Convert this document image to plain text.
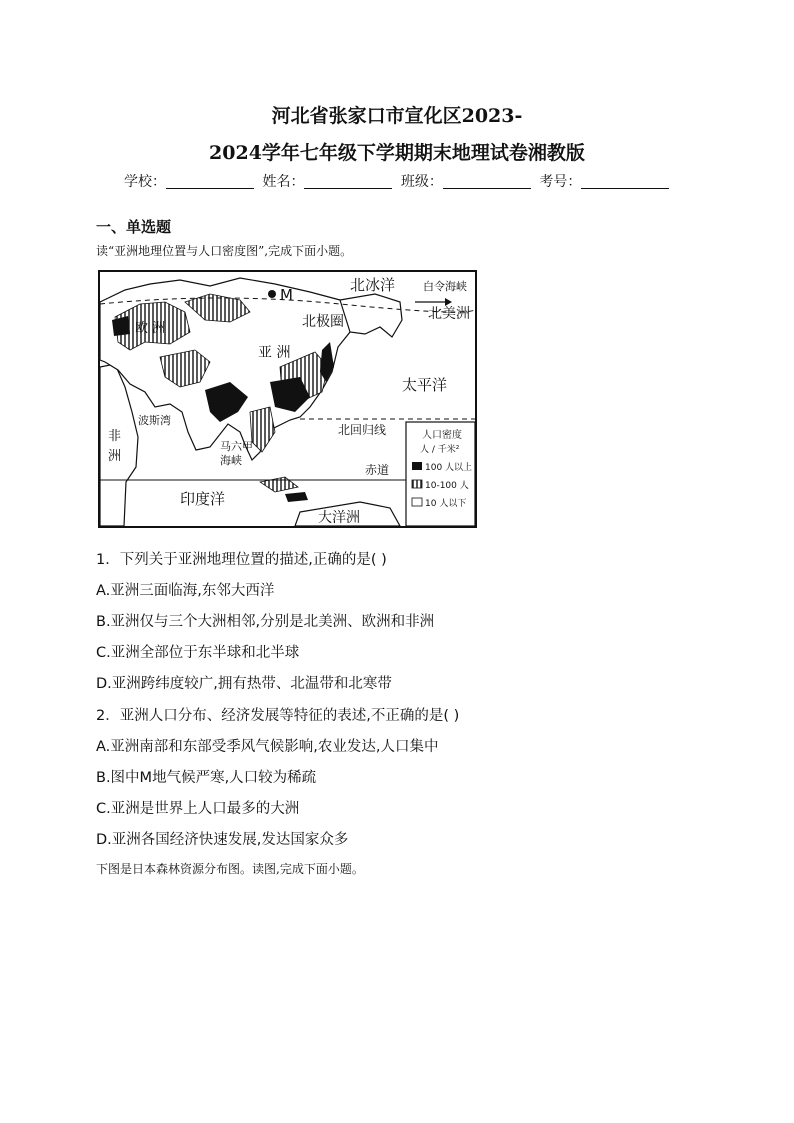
河北省张家口市宣化区2023-
2024学年七年级下学期期末地理试卷湘教版
学校：	姓名：	班级：	考号：
一、单选题
读“亚洲地理位置与人口密度图”,完成下面小题。
北冰洋	白令海峡
北美洲
M
欧 洲	北极圈
亚 洲
太平洋
波斯湾
非
洲
北回归线
马六甲
海峡
赤道
印度洋
大洋洲
人口密度
人 / 千米²
100 人以上
10-100 人
10 人以下
1．下列关于亚洲地理位置的描述,正确的是( )
A.亚洲三面临海,东邻大西洋
B.亚洲仅与三个大洲相邻,分别是北美洲、欧洲和非洲
C.亚洲全部位于东半球和北半球
D.亚洲跨纬度较广,拥有热带、北温带和北寒带
2．亚洲人口分布、经济发展等特征的表述,不正确的是( )
A.亚洲南部和东部受季风气候影响,农业发达,人口集中
B.图中M地气候严寒,人口较为稀疏
C.亚洲是世界上人口最多的大洲
D.亚洲各国经济快速发展,发达国家众多
下图是日本森林资源分布图。读图,完成下面小题。
